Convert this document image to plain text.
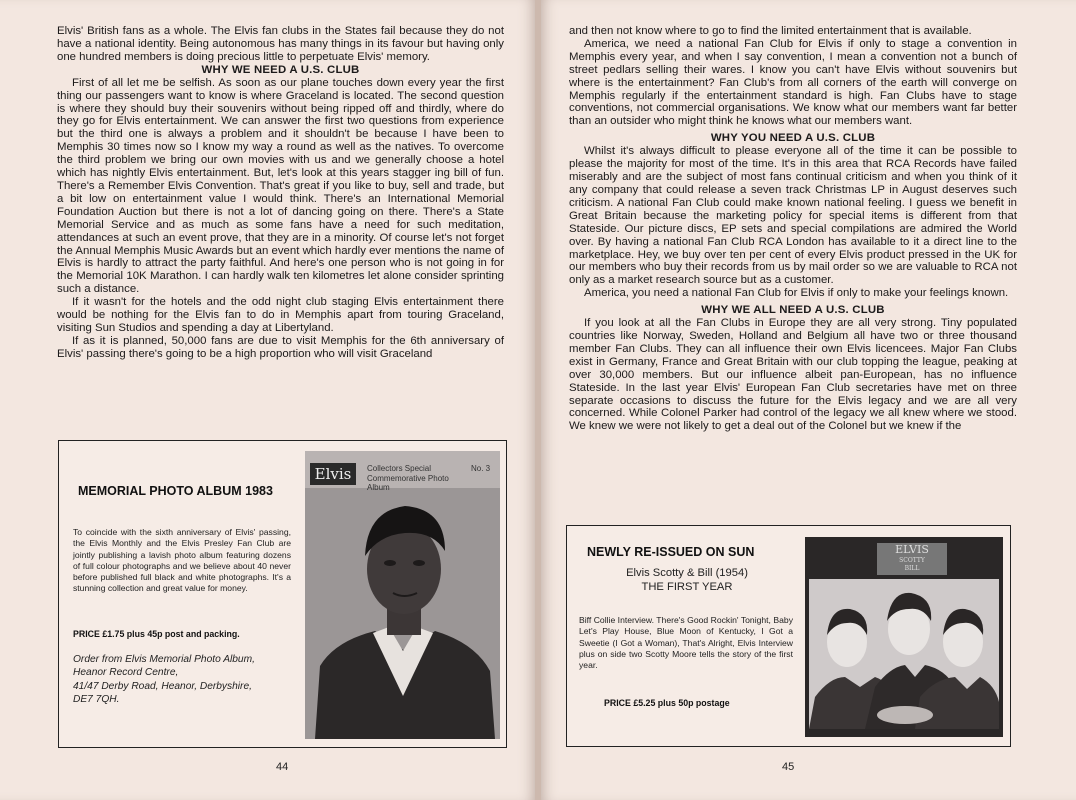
Elvis' British fans as a whole. The Elvis fan clubs in the States fail because they do not have a national identity. Being autonomous has many things in its favour but having only one hundred members is doing precious little to perpetuate Elvis' memory.

WHY WE NEED A U.S. CLUB

First of all let me be selfish. As soon as our plane touches down every year the first thing our passengers want to know is where Graceland is located. The second question is where they should buy their souvenirs without being ripped off and thirdly, where do they go for Elvis entertainment. We can answer the first two questions from experience but the third one is always a problem and it shouldn't be because I have been to Memphis 30 times now so I know my way a round as well as the natives. To overcome the third problem we bring our own movies with us and we generally choose a hotel which has nightly Elvis entertainment. But, let's look at this years stagger ing bill of fun. There's a Remember Elvis Convention. That's great if you like to buy, sell and trade, but a bit low on entertainment value I would think. There's an International Memorial Foundation Auction but there is not a lot of dancing going on there. There's a State Memorial Service and as much as some fans have a need for such meditation, attendances at such an event prove, that they are in a minority. Of course let's not forget the Annual Memphis Music Awards but an event which hardly ever mentions the name of Elvis is hardly to attract the party faithful. And here's one person who is not going in for the Memorial 10K Marathon. I can hardly walk ten kilometres let alone consider sprinting such a distance.

If it wasn't for the hotels and the odd night club staging Elvis entertainment there would be nothing for the Elvis fan to do in Memphis apart from touring Graceland, visiting Sun Studios and spending a day at Libertyland.

If as it is planned, 50,000 fans are due to visit Memphis for the 6th anniversary of Elvis' passing there's going to be a high proportion who will visit Graceland

MEMORIAL PHOTO ALBUM 1983
To coincide with the sixth anniversary of Elvis' passing, the Elvis Monthly and the Elvis Presley Fan Club are jointly publishing a lavish photo album featuring dozens of full colour photographs and we believe about 40 never before published full black and white photographs. It's a stunning collection and great value for money.
PRICE £1.75 plus 45p post and packing.
Order from Elvis Memorial Photo Album,
Heanor Record Centre,
41/47 Derby Road, Heanor, Derbyshire,
DE7 7QH.
Elvis	Collectors Special	No. 3
Commemorative Photo
Album
44

and then not know where to go to find the limited entertainment that is available.

America, we need a national Fan Club for Elvis if only to stage a convention in Memphis every year, and when I say convention, I mean a convention not a bunch of street pedlars selling their wares. I know you can't have Elvis without souvenirs but where is the entertainment? Fan Club's from all corners of the earth will converge on Memphis regularly if the entertainment standard is high. Fan Clubs have to stage conventions, not commercial organisations. We know what our members want far better than an outsider who might think he knows what our members want.

WHY YOU NEED A U.S. CLUB

Whilst it's always difficult to please everyone all of the time it can be possible to please the majority for most of the time. It's in this area that RCA Records have failed miserably and are the subject of most fans continual criticism and when you think of it any company that could release a seven track Christmas LP in August deserves such criticism. A national Fan Club could make known national feeling. I guess we benefit in Great Britain because the marketing policy for special items is different from that Stateside. Our picture discs, EP sets and special compilations are admired the World over. By having a national Fan Club RCA London has available to it a direct line to the marketplace. Hey, we buy over ten per cent of every Elvis product pressed in the UK for our members who buy their records from us by mail order so we are valuable to RCA not only as a market research source but as a customer.

America, you need a national Fan Club for Elvis if only to make your feelings known.

WHY WE ALL NEED A U.S. CLUB

If you look at all the Fan Clubs in Europe they are all very strong. Tiny populated countries like Norway, Sweden, Holland and Belgium all have two or three thousand member Fan Clubs. They can all influence their own Elvis licencees. Major Fan Clubs exist in Germany, France and Great Britain with our club topping the league, peaking at over 30,000 members. But our influence albeit pan-European, has no influence Stateside. In the last year Elvis' European Fan Club secretaries have met on three separate occasions to discuss the future for the Elvis legacy and we are all very concerned. While Colonel Parker had control of the legacy we all knew where we stood. We knew we were not likely to get a deal out of the Colonel but we knew if the

NEWLY RE-ISSUED ON SUN
Elvis Scotty & Bill (1954)
THE FIRST YEAR
Biff Collie Interview. There's Good Rockin' Tonight, Baby Let's Play House, Blue Moon of Kentucky, I Got a Sweetie (I Got a Woman), That's Alright, Elvis Interview plus on side two Scotty Moore tells the story of the first year.
PRICE £5.25 plus 50p postage
ELVIS
SCOTTY
BILL
45
